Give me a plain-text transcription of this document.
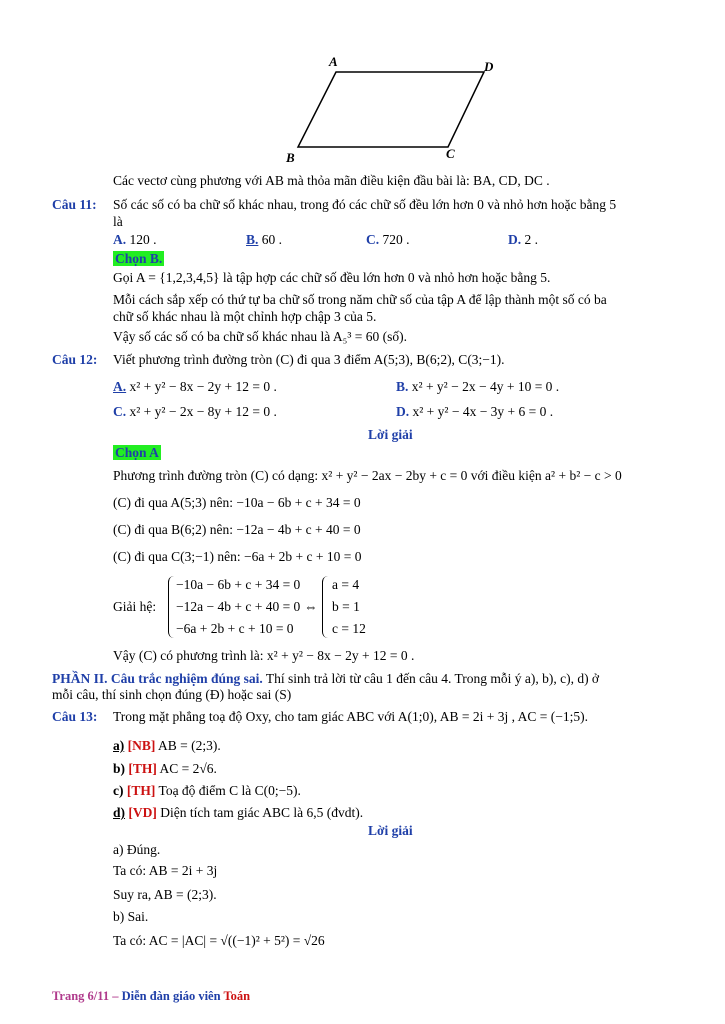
A	D
B	C
Các vectơ cùng phương với AB mà thỏa mãn điều kiện đầu bài là: BA, CD, DC .
Câu 11: Số các số có ba chữ số khác nhau, trong đó các chữ số đều lớn hơn 0 và nhỏ hơn hoặc bằng 5
là
A. 120 .	B. 60 .	C. 720 .	D. 2 .
Chọn B.
Gọi A = {1,2,3,4,5} là tập hợp các chữ số đều lớn hơn 0 và nhỏ hơn hoặc bằng 5.
Mỗi cách sắp xếp có thứ tự ba chữ số trong năm chữ số của tập A để lập thành một số có ba
chữ số khác nhau là một chỉnh hợp chập 3 của 5.
Vậy số các số có ba chữ số khác nhau là A₅³ = 60 (số).
Câu 12: Viết phương trình đường tròn (C) đi qua 3 điểm A(5;3), B(6;2), C(3;−1).
A. x² + y² − 8x − 2y + 12 = 0 .	B. x² + y² − 2x − 4y + 10 = 0 .
C. x² + y² − 2x − 8y + 12 = 0 .	D. x² + y² − 4x − 3y + 6 = 0 .
Lời giải
Chọn A
Phương trình đường tròn (C) có dạng: x² + y² − 2ax − 2by + c = 0 với điều kiện a² + b² − c > 0
(C) đi qua A(5;3) nên: −10a − 6b + c + 34 = 0
(C) đi qua B(6;2) nên: −12a − 4b + c + 40 = 0
(C) đi qua C(3;−1) nên: −6a + 2b + c + 10 = 0
Giải hệ:
−10a − 6b + c + 34 = 0
−12a − 4b + c + 40 = 0
−6a + 2b + c + 10 = 0
⇔
a = 4
b = 1
c = 12
Vậy (C) có phương trình là: x² + y² − 8x − 2y + 12 = 0 .
PHẦN II. Câu trắc nghiệm đúng sai. Thí sinh trả lời từ câu 1 đến câu 4. Trong mỗi ý a), b), c), d) ở
mỗi câu, thí sinh chọn đúng (Đ) hoặc sai (S)
Câu 13: Trong mặt phẳng toạ độ Oxy, cho tam giác ABC với A(1;0), AB = 2i + 3j , AC = (−1;5).
a) [NB] AB = (2;3).
b) [TH] AC = 2√6.
c) [TH] Toạ độ điểm C là C(0;−5).
d) [VD] Diện tích tam giác ABC là 6,5 (đvdt).
Lời giải
a) Đúng.
Ta có: AB = 2i + 3j
Suy ra, AB = (2;3).
b) Sai.
Ta có: AC = |AC| = √((−1)² + 5²) = √26
Trang 6/11 – Diễn đàn giáo viên Toán
